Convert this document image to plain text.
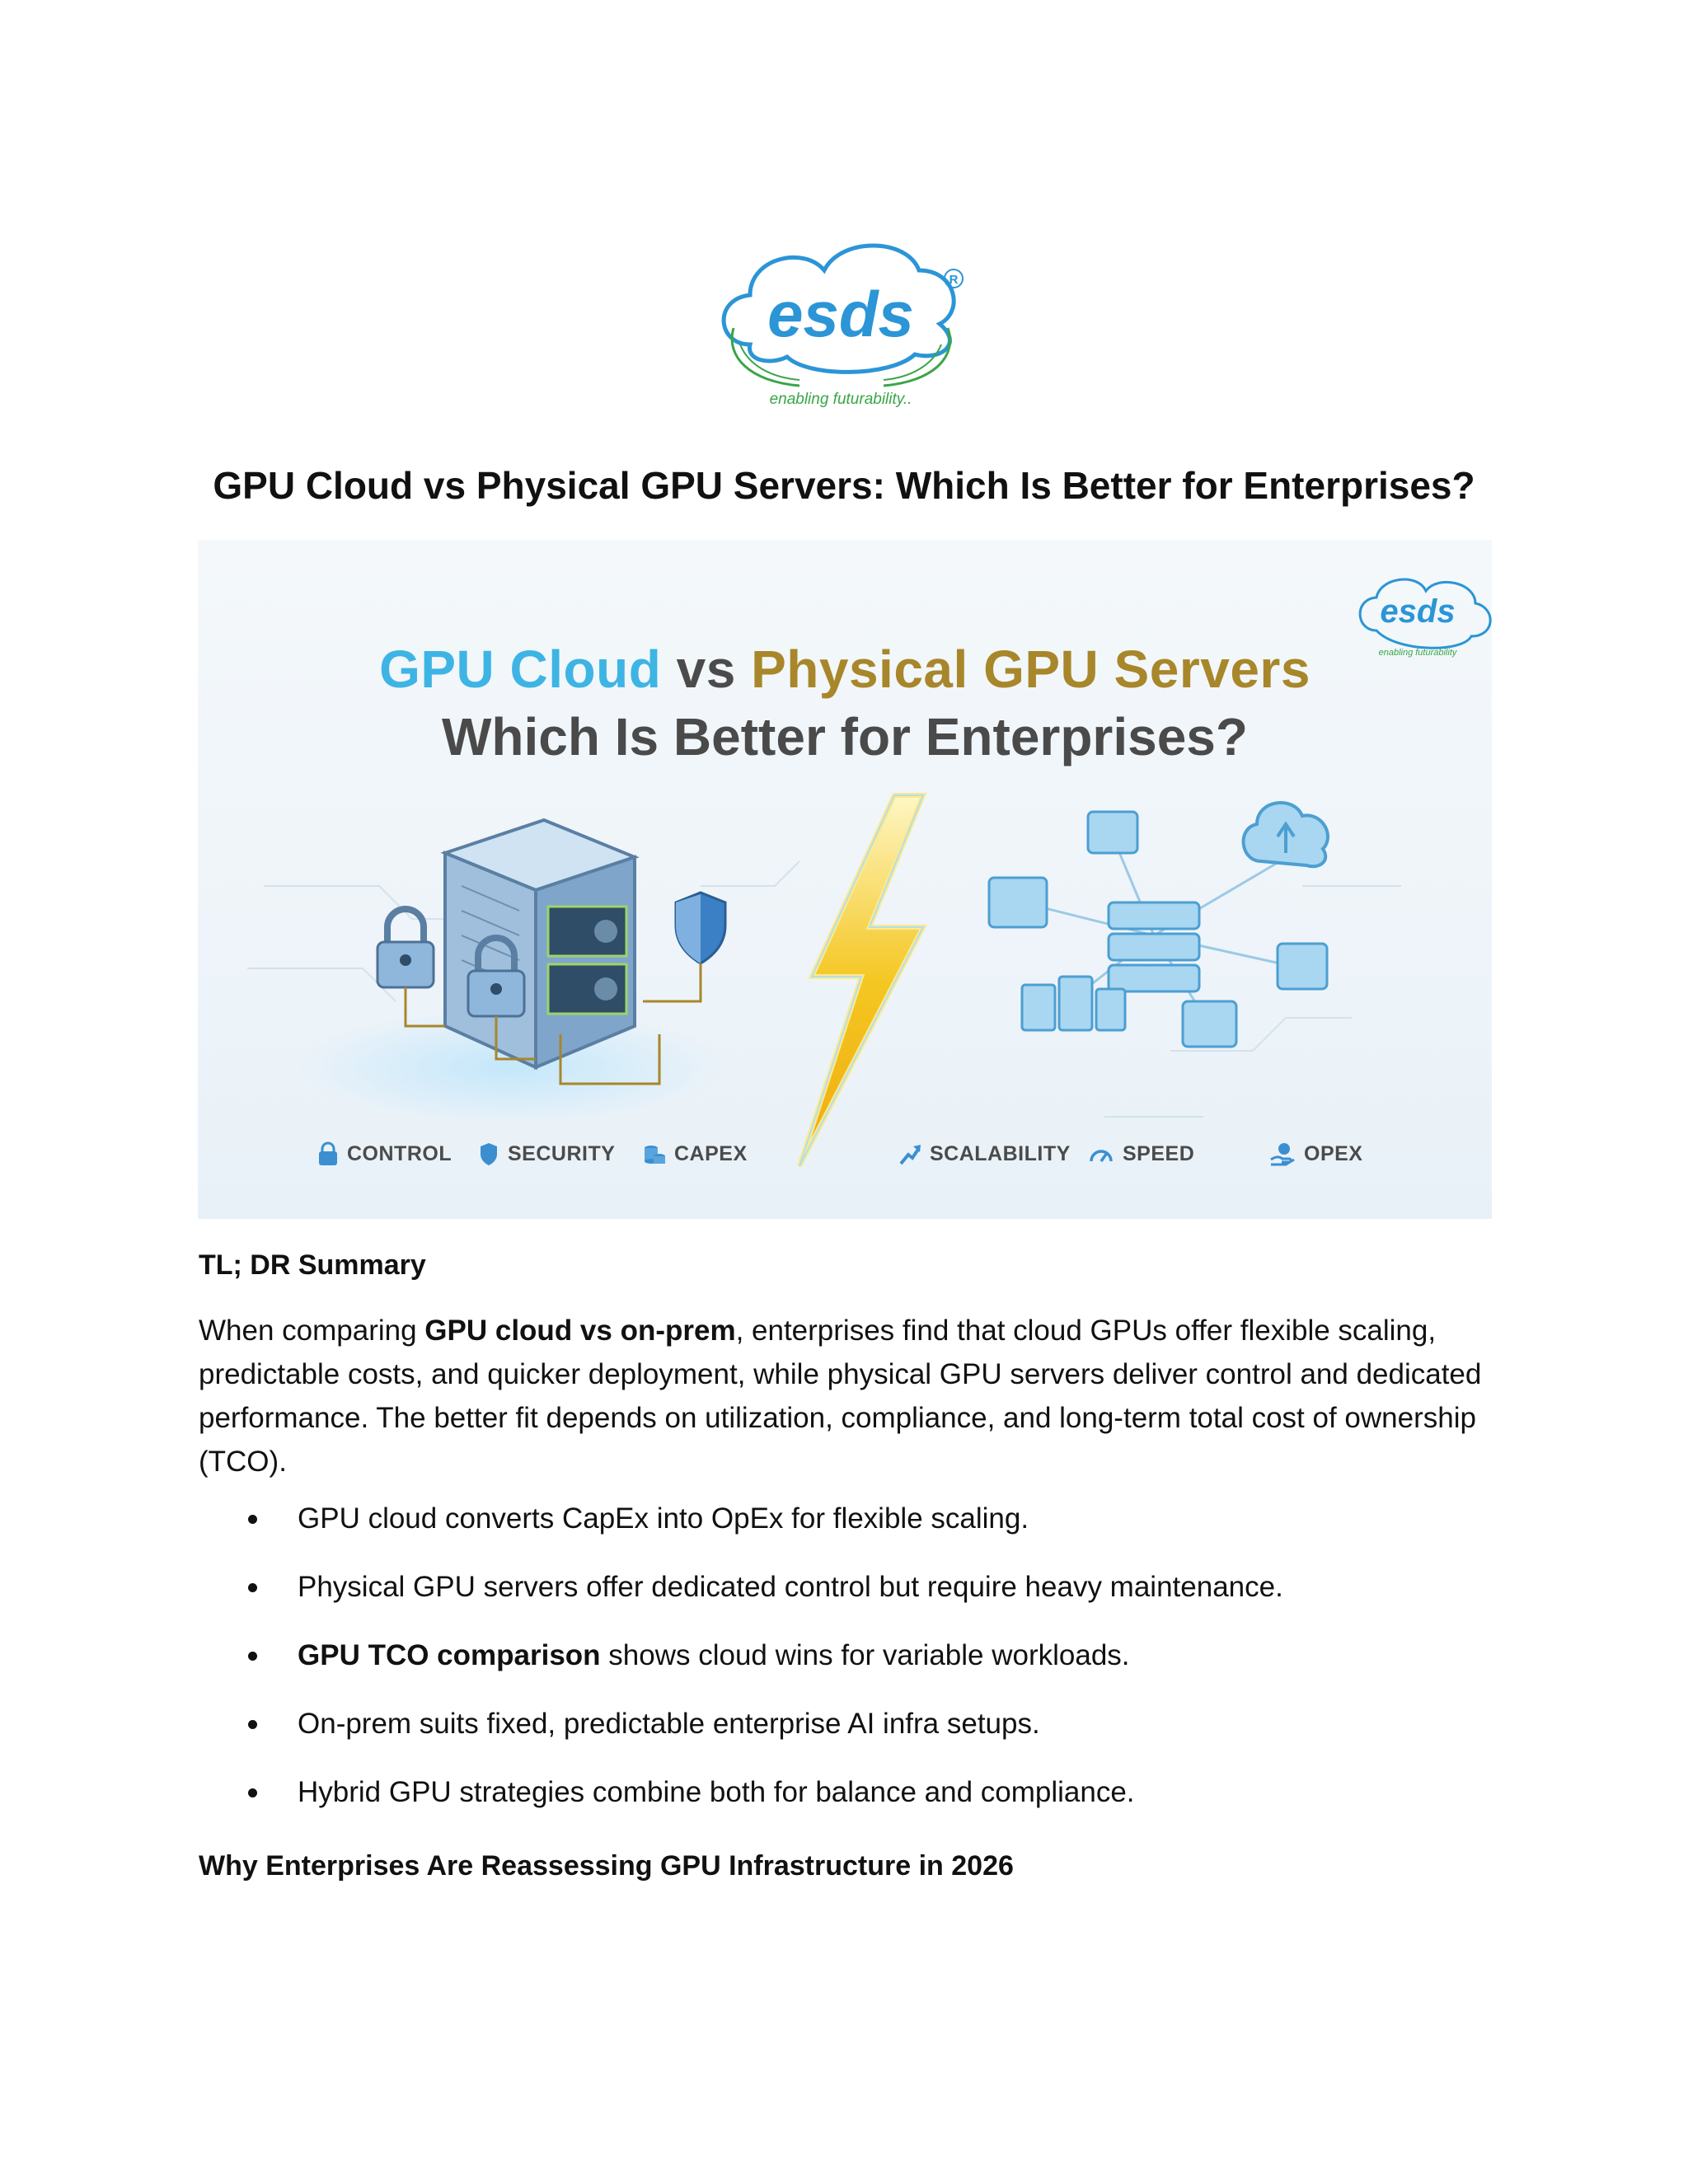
esds	R
enabling futurability..
GPU Cloud vs Physical GPU Servers: Which Is Better for Enterprises?
esds
enabling futurability
GPU Cloud vs Physical GPU Servers
Which Is Better for Enterprises?
CONTROL	SECURITY	CAPEX	SCALABILITY	SPEED	OPEX
TL; DR Summary

When comparing GPU cloud vs on-prem, enterprises find that cloud GPUs offer flexible scaling, predictable costs, and quicker deployment, while physical GPU servers deliver control and dedicated performance. The better fit depends on utilization, compliance, and long-term total cost of ownership (TCO).

GPU cloud converts CapEx into OpEx for flexible scaling.
Physical GPU servers offer dedicated control but require heavy maintenance.
GPU TCO comparison shows cloud wins for variable workloads.
On-prem suits fixed, predictable enterprise AI infra setups.
Hybrid GPU strategies combine both for balance and compliance.
Why Enterprises Are Reassessing GPU Infrastructure in 2026
